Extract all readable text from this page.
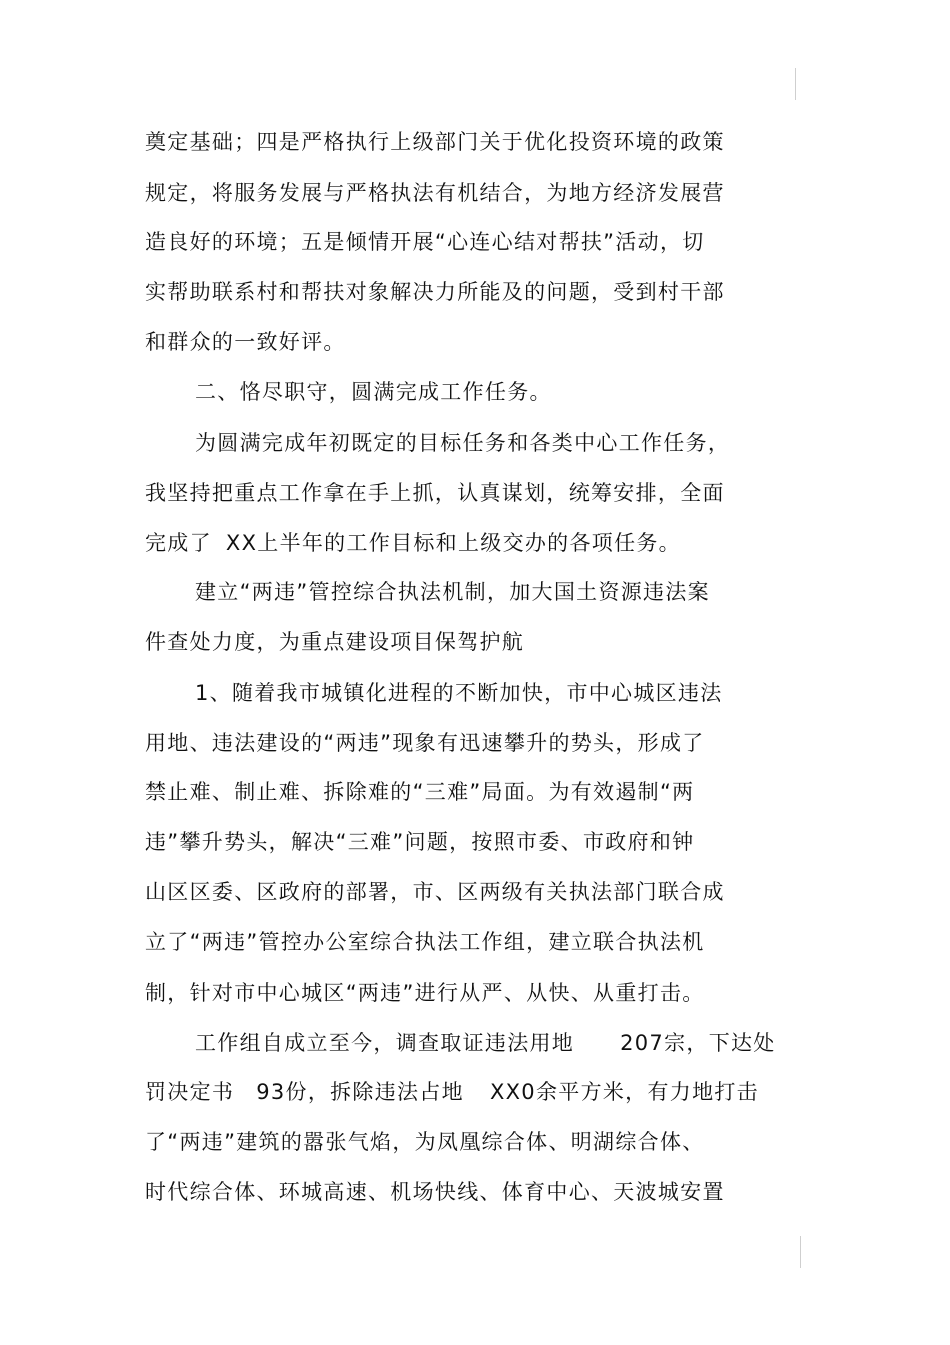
奠定基础；四是严格执行上级部门关于优化投资环境的政策
规定，将服务发展与严格执法有机结合，为地方经济发展营
造良好的环境；五是倾情开展“心连心结对帮扶”活动，切
实帮助联系村和帮扶对象解决力所能及的问题，受到村干部
和群众的一致好评。
二、恪尽职守，圆满完成工作任务。
为圆满完成年初既定的目标任务和各类中心工作任务，
我坚持把重点工作拿在手上抓，认真谋划，统筹安排，全面
完成了 XX上半年的工作目标和上级交办的各项任务。
建立“两违”管控综合执法机制，加大国土资源违法案
件查处力度，为重点建设项目保驾护航
1、随着我市城镇化进程的不断加快，市中心城区违法
用地、违法建设的“两违”现象有迅速攀升的势头，形成了
禁止难、制止难、拆除难的“三难”局面。为有效遏制“两
违”攀升势头，解决“三难”问题，按照市委、市政府和钟
山区区委、区政府的部署，市、区两级有关执法部门联合成
立了“两违”管控办公室综合执法工作组，建立联合执法机
制，针对市中心城区“两违”进行从严、从快、从重打击。
工作组自成立至今，调查取证违法用地 207宗，下达处
罚决定书 93份，拆除违法占地 XX0余平方米，有力地打击
了“两违”建筑的嚣张气焰，为凤凰综合体、明湖综合体、
时代综合体、环城高速、机场快线、体育中心、天波城安置
